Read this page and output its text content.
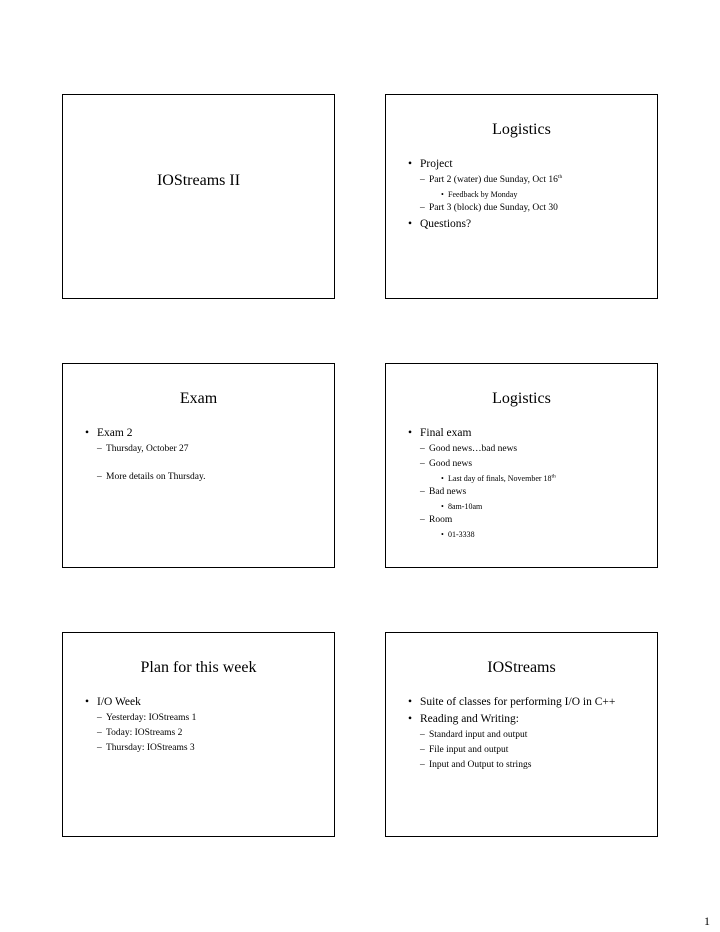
IOStreams II
Logistics
• Project
– Part 2 (water) due Sunday, Oct 16th
• Feedback by Monday
– Part 3 (block) due Sunday, Oct 30
• Questions?
Exam
• Exam 2
– Thursday, October 27
– More details on Thursday.
Logistics
• Final exam
– Good news…bad news
– Good news
• Last day of finals, November 18th
– Bad news
• 8am-10am
– Room
• 01-3338
Plan for this week
• I/O Week
– Yesterday: IOStreams 1
– Today: IOStreams 2
– Thursday: IOStreams 3
IOStreams
• Suite of classes for performing I/O in C++
• Reading and Writing:
– Standard input and output
– File input and output
– Input and Output to strings
1
